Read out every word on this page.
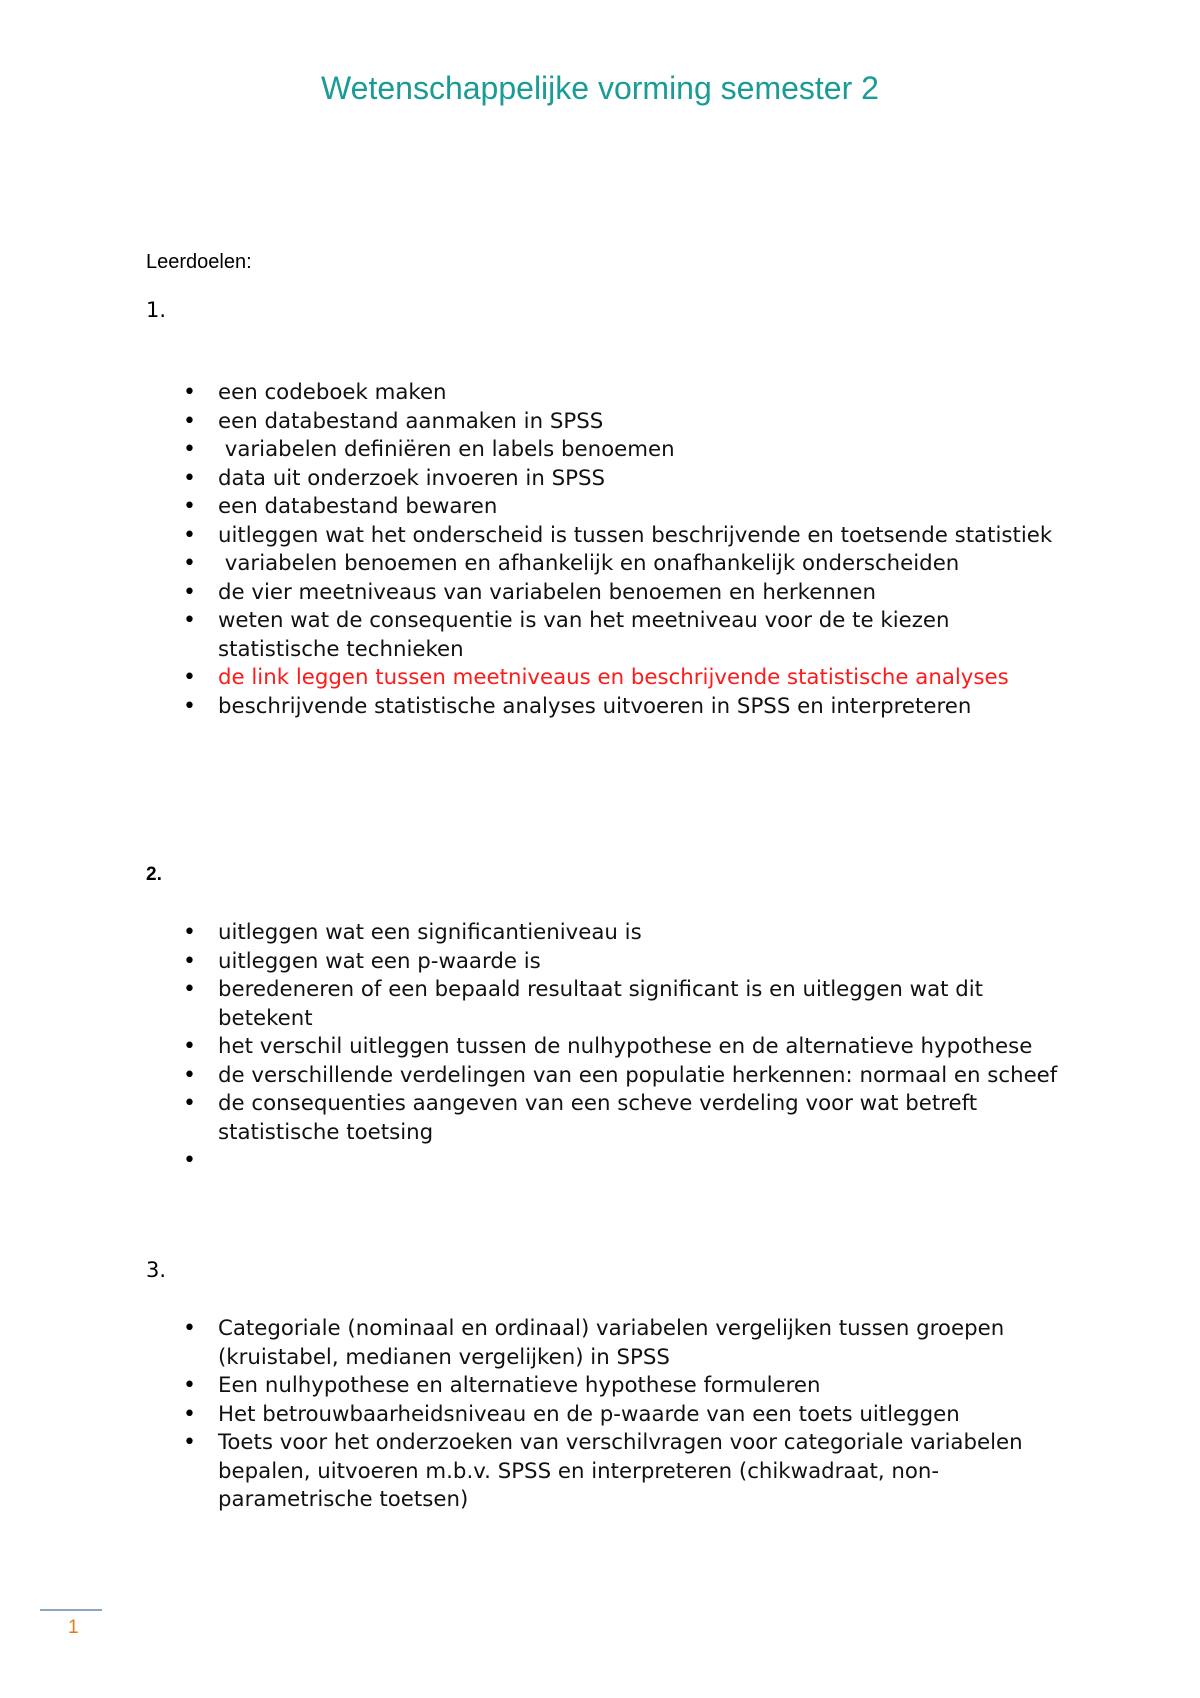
Wetenschappelijke vorming semester 2
Leerdoelen:
1.
• een codeboek maken
• een databestand aanmaken in SPSS
• variabelen definiëren en labels benoemen
• data uit onderzoek invoeren in SPSS
• een databestand bewaren
• uitleggen wat het onderscheid is tussen beschrijvende en toetsende statistiek
• variabelen benoemen en afhankelijk en onafhankelijk onderscheiden
• de vier meetniveaus van variabelen benoemen en herkennen
• weten wat de consequentie is van het meetniveau voor de te kiezen statistische technieken
• de link leggen tussen meetniveaus en beschrijvende statistische analyses
• beschrijvende statistische analyses uitvoeren in SPSS en interpreteren
2.
• uitleggen wat een significantieniveau is
• uitleggen wat een p-waarde is
• beredeneren of een bepaald resultaat significant is en uitleggen wat dit betekent
• het verschil uitleggen tussen de nulhypothese en de alternatieve hypothese
• de verschillende verdelingen van een populatie herkennen: normaal en scheef
• de consequenties aangeven van een scheve verdeling voor wat betreft statistische toetsing
•
3.
• Categoriale (nominaal en ordinaal) variabelen vergelijken tussen groepen (kruistabel, medianen vergelijken) in SPSS
• Een nulhypothese en alternatieve hypothese formuleren
• Het betrouwbaarheidsniveau en de p-waarde van een toets uitleggen
• Toets voor het onderzoeken van verschilvragen voor categoriale variabelen bepalen, uitvoeren m.b.v. SPSS en interpreteren (chikwadraat, non-parametrische toetsen)
1
